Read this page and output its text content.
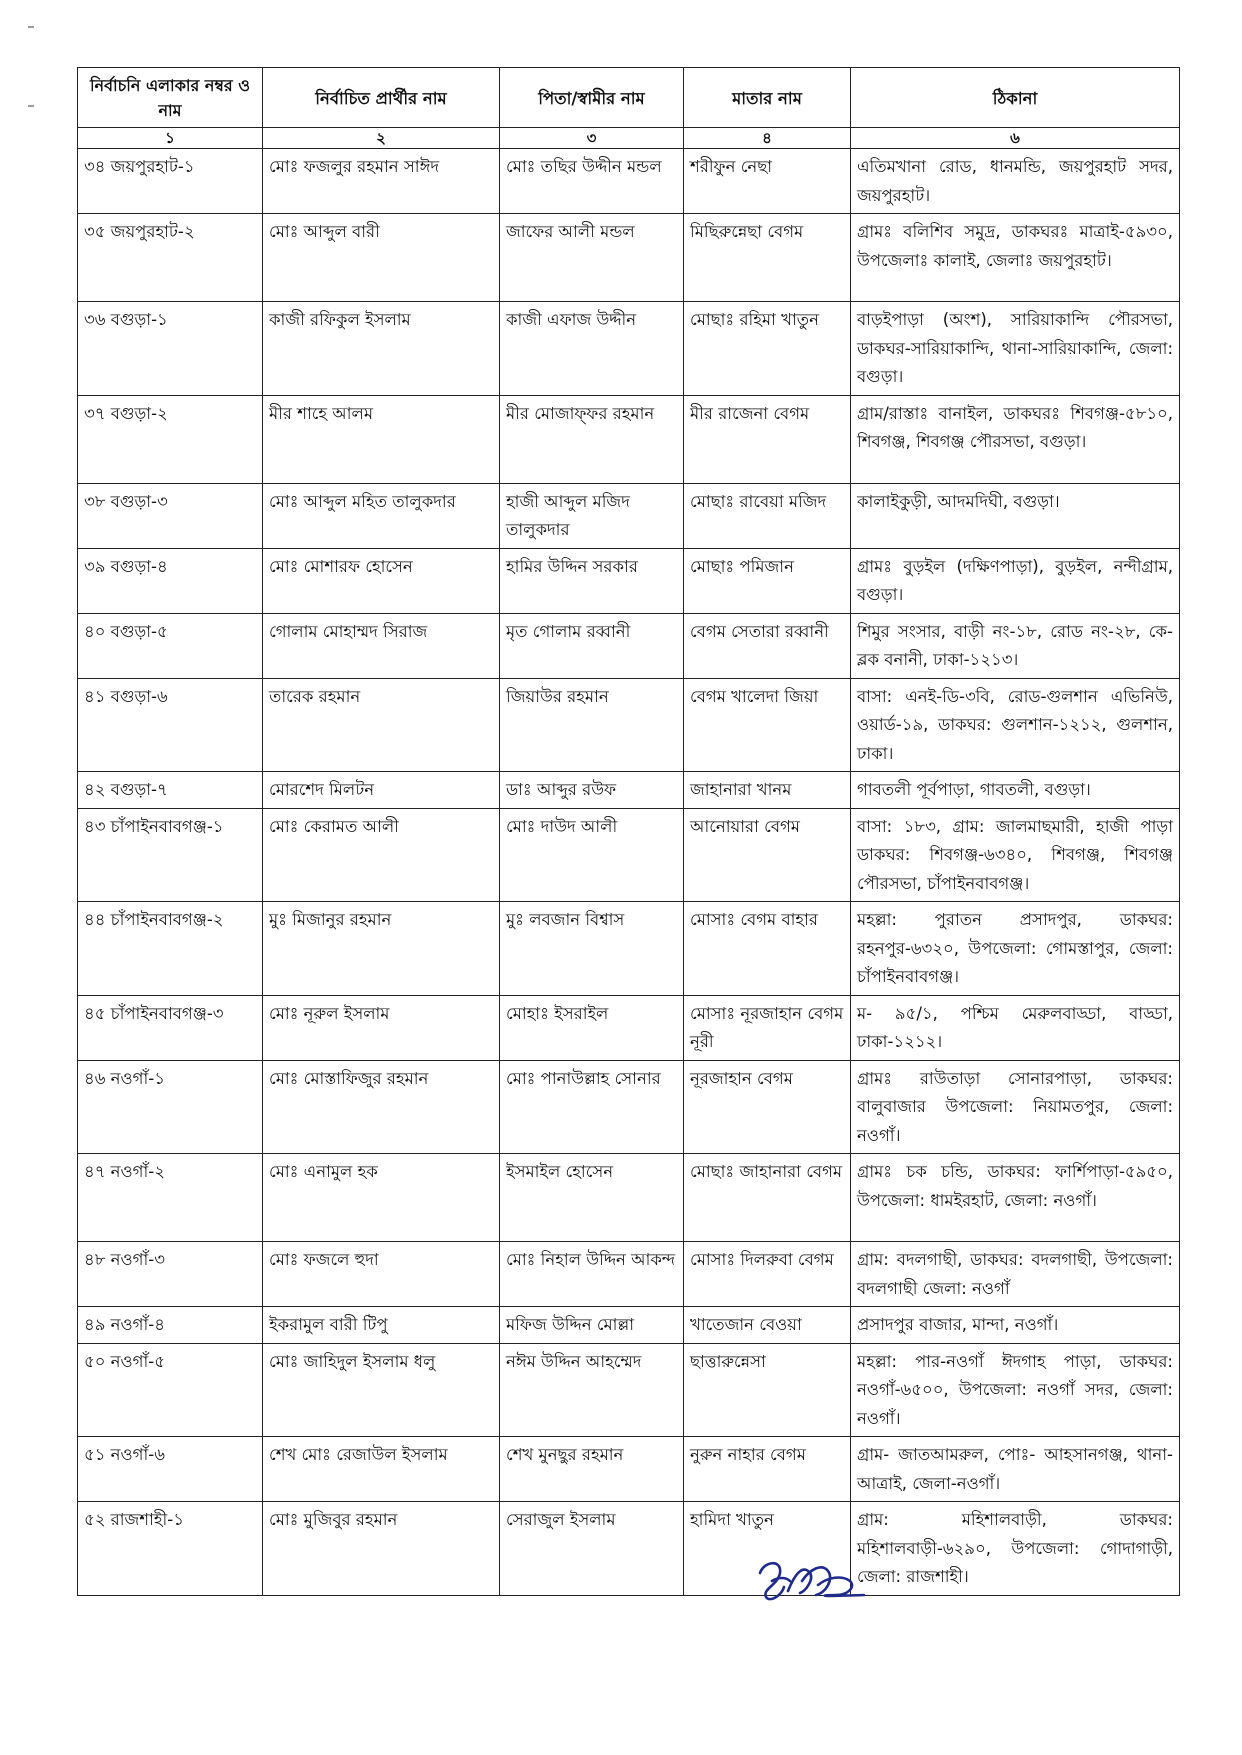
নির্বাচনি এলাকার নম্বর ও নাম	নির্বাচিত প্রার্থীর নাম	পিতা/স্বামীর নাম	মাতার নাম	ঠিকানা
১	২	৩	৪	৬
৩৪ জয়পুরহাট-১	মোঃ ফজলুর রহমান সাঈদ	মোঃ তছির উদ্দীন মন্ডল	শরীফুন নেছা	এতিমখানা রোড, ধানমন্ডি, জয়পুরহাট সদর, জয়পুরহাট।
৩৫ জয়পুরহাট-২	মোঃ আব্দুল বারী	জাফের আলী মন্ডল	মিছিরুন্নেছা বেগম	গ্রামঃ বলিশিব সমুদ্র, ডাকঘরঃ মাত্রাই-৫৯৩০, উপজেলাঃ কালাই, জেলাঃ জয়পুরহাট।
৩৬ বগুড়া-১	কাজী রফিকুল ইসলাম	কাজী এফাজ উদ্দীন	মোছাঃ রহিমা খাতুন	বাড়ইপাড়া (অংশ), সারিয়াকান্দি পৌরসভা, ডাকঘর-সারিয়াকান্দি, থানা-সারিয়াকান্দি, জেলা: বগুড়া।
৩৭ বগুড়া-২	মীর শাহে আলম	মীর মোজাফ্ফর রহমান	মীর রাজেনা বেগম	গ্রাম/রাস্তাঃ বানাইল, ডাকঘরঃ শিবগঞ্জ-৫৮১০, শিবগঞ্জ, শিবগঞ্জ পৌরসভা, বগুড়া।
৩৮ বগুড়া-৩	মোঃ আব্দুল মহিত তালুকদার	হাজী আব্দুল মজিদ তালুকদার	মোছাঃ রাবেয়া মজিদ	কালাইকুড়ী, আদমদিঘী, বগুড়া।
৩৯ বগুড়া-৪	মোঃ মোশারফ হোসেন	হামির উদ্দিন সরকার	মোছাঃ পমিজান	গ্রামঃ বুড়ইল (দক্ষিণপাড়া), বুড়ইল, নন্দীগ্রাম, বগুড়া।
৪০ বগুড়া-৫	গোলাম মোহাম্মদ সিরাজ	মৃত গোলাম রব্বানী	বেগম সেতারা রব্বানী	শিমুর সংসার, বাড়ী নং-১৮, রোড নং-২৮, কে-ব্লক বনানী, ঢাকা-১২১৩।
৪১ বগুড়া-৬	তারেক রহমান	জিয়াউর রহমান	বেগম খালেদা জিয়া	বাসা: এনই-ডি-৩বি, রোড-গুলশান এভিনিউ, ওয়ার্ড-১৯, ডাকঘর: গুলশান-১২১২, গুলশান, ঢাকা।
৪২ বগুড়া-৭	মোরশেদ মিলটন	ডাঃ আব্দুর রউফ	জাহানারা খানম	গাবতলী পূর্বপাড়া, গাবতলী, বগুড়া।
৪৩ চাঁপাইনবাবগঞ্জ-১	মোঃ কেরামত আলী	মোঃ দাউদ আলী	আনোয়ারা বেগম	বাসা: ১৮৩, গ্রাম: জালমাছমারী, হাজী পাড়া ডাকঘর: শিবগঞ্জ-৬৩৪০, শিবগঞ্জ, শিবগঞ্জ পৌরসভা, চাঁপাইনবাবগঞ্জ।
৪৪ চাঁপাইনবাবগঞ্জ-২	মুঃ মিজানুর রহমান	মুঃ লবজান বিশ্বাস	মোসাঃ বেগম বাহার	মহল্লা: পুরাতন প্রসাদপুর, ডাকঘর: রহনপুর-৬৩২০, উপজেলা: গোমস্তাপুর, জেলা: চাঁপাইনবাবগঞ্জ।
৪৫ চাঁপাইনবাবগঞ্জ-৩	মোঃ নূরুল ইসলাম	মোহাঃ ইসরাইল	মোসাঃ নূরজাহান বেগম নূরী	ম- ৯৫/১, পশ্চিম মেরুলবাড্ডা, বাড্ডা, ঢাকা-১২১২।
৪৬ নওগাঁ-১	মোঃ মোস্তাফিজুর রহমান	মোঃ পানাউল্লাহ সোনার	নূরজাহান বেগম	গ্রামঃ রাউতাড়া সোনারপাড়া, ডাকঘর: বালুবাজার উপজেলা: নিয়ামতপুর, জেলা: নওগাঁ।
৪৭ নওগাঁ-২	মোঃ এনামুল হক	ইসমাইল হোসেন	মোছাঃ জাহানারা বেগম	গ্রামঃ চক চন্ডি, ডাকঘর: ফার্শিপাড়া-৫৯৫০, উপজেলা: ধামইরহাট, জেলা: নওগাঁ।
৪৮ নওগাঁ-৩	মোঃ ফজলে হুদা	মোঃ নিহাল উদ্দিন আকন্দ	মোসাঃ দিলরুবা বেগম	গ্রাম: বদলগাছী, ডাকঘর: বদলগাছী, উপজেলা: বদলগাছী জেলা: নওগাঁ
৪৯ নওগাঁ-৪	ইকরামুল বারী টিপু	মফিজ উদ্দিন মোল্লা	খাতেজান বেওয়া	প্রসাদপুর বাজার, মান্দা, নওগাঁ।
৫০ নওগাঁ-৫	মোঃ জাহিদুল ইসলাম ধলু	নঈম উদ্দিন আহম্মেদ	ছাত্তারুন্নেসা	মহল্লা: পার-নওগাঁ ঈদগাহ পাড়া, ডাকঘর: নওগাঁ-৬৫০০, উপজেলা: নওগাঁ সদর, জেলা: নওগাঁ।
৫১ নওগাঁ-৬	শেখ মোঃ রেজাউল ইসলাম	শেখ মুনছুর রহমান	নুরুন নাহার বেগম	গ্রাম- জাতআমরুল, পোঃ- আহসানগঞ্জ, থানা- আত্রাই, জেলা-নওগাঁ।
৫২ রাজশাহী-১	মোঃ মুজিবুর রহমান	সেরাজুল ইসলাম	হামিদা খাতুন	গ্রাম: মহিশালবাড়ী, ডাকঘর: মহিশালবাড়ী-৬২৯০, উপজেলা: গোদাগাড়ী, জেলা: রাজশাহী।
